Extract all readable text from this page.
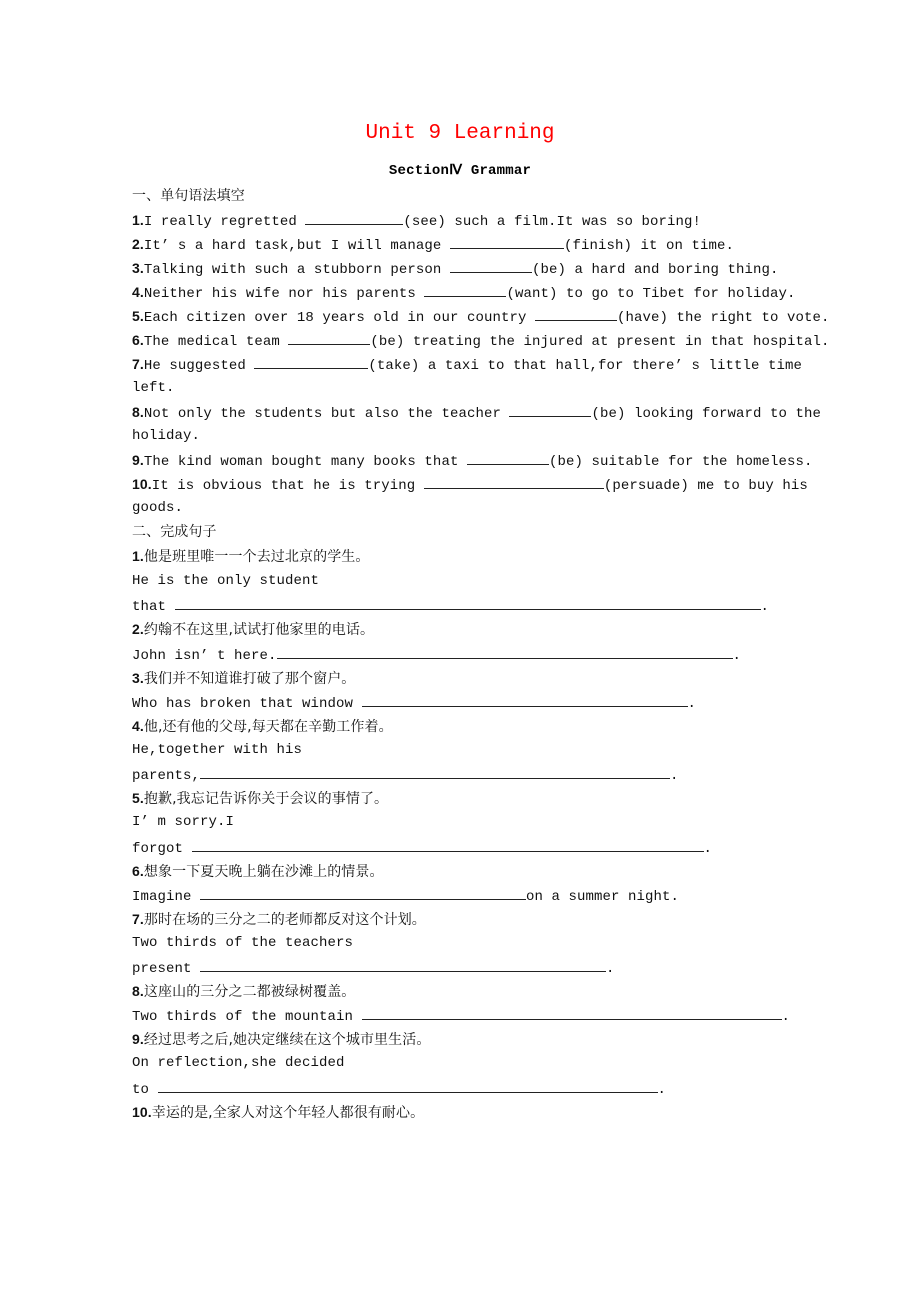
Unit 9 Learning
SectionⅣ Grammar
一、单句语法填空
1.I really regretted	(see) such a film.It was so boring!
2.It’ s a hard task,but I will manage	(finish) it on time.
3.Talking with such a stubborn person	(be) a hard and boring thing.
4.Neither his wife nor his parents	(want) to go to Tibet for holiday.
5.Each citizen over 18 years old in our country	(have) the right to vote.
6.The medical team	(be) treating the injured at present in that hospital.
7.He suggested	(take) a taxi to that hall,for there’ s little time
left.
8.Not only the students but also the teacher	(be) looking forward to the
holiday.
9.The kind woman bought many books that	(be) suitable for the homeless.
10.It is obvious that he is trying	(persuade) me to buy his
goods.
二、完成句子
1.他是班里唯一一个去过北京的学生。
He is the only student
that	.
2.约翰不在这里,试试打他家里的电话。
John isn’ t here.	.
3.我们并不知道谁打破了那个窗户。
Who has broken that window	.
4.他,还有他的父母,每天都在辛勤工作着。
He,together with his
parents,	.
5.抱歉,我忘记告诉你关于会议的事情了。
I’ m sorry.I
forgot	.
6.想象一下夏天晚上躺在沙滩上的情景。
Imagine	on a summer night.
7.那时在场的三分之二的老师都反对这个计划。
Two thirds of the teachers
present	.
8.这座山的三分之二都被绿树覆盖。
Two thirds of the mountain	.
9.经过思考之后,她决定继续在这个城市里生活。
On reflection,she decided
to	.
10.幸运的是,全家人对这个年轻人都很有耐心。
